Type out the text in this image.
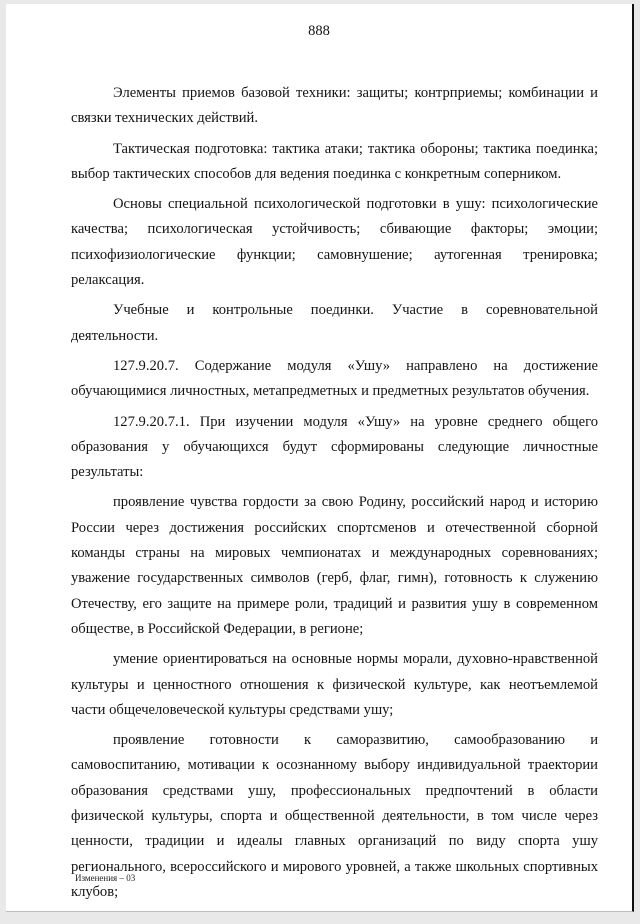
888

Элементы приемов базовой техники: защиты; контрприемы; комбинации и связки технических действий.

Тактическая подготовка: тактика атаки; тактика обороны; тактика поединка; выбор тактических способов для ведения поединка с конкретным соперником.

Основы специальной психологической подготовки в ушу: психологические качества; психологическая устойчивость; сбивающие факторы; эмоции; психофизиологические функции; самовнушение; аутогенная тренировка; релаксация.

Учебные и контрольные поединки. Участие в соревновательной деятельности.

127.9.20.7. Содержание модуля «Ушу» направлено на достижение обучающимися личностных, метапредметных и предметных результатов обучения.

127.9.20.7.1. При изучении модуля «Ушу» на уровне среднего общего образования у обучающихся будут сформированы следующие личностные результаты:

проявление чувства гордости за свою Родину, российский народ и историю России через достижения российских спортсменов и отечественной сборной команды страны на мировых чемпионатах и международных соревнованиях; уважение государственных символов (герб, флаг, гимн), готовность к служению Отечеству, его защите на примере роли, традиций и развития ушу в современном обществе, в Российской Федерации, в регионе;

умение ориентироваться на основные нормы морали, духовно-нравственной культуры и ценностного отношения к физической культуре, как неотъемлемой части общечеловеческой культуры средствами ушу;

проявление готовности к саморазвитию, самообразованию и самовоспитанию, мотивации к осознанному выбору индивидуальной траектории образования средствами ушу, профессиональных предпочтений в области физической культуры, спорта и общественной деятельности, в том числе через ценности, традиции и идеалы главных организаций по виду спорта ушу регионального, всероссийского и мирового уровней, а также школьных спортивных клубов;

Изменения – 03
